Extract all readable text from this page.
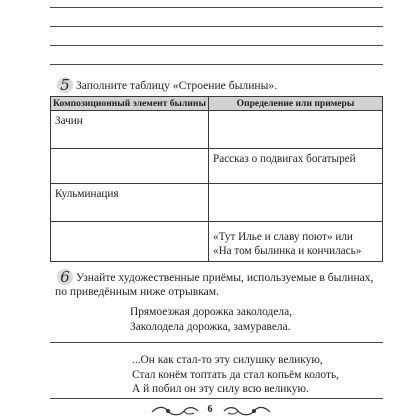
5 Заполните таблицу «Строение былины».
Композиционный элемент былины	Определение или примеры
Зачин	
	Рассказ о подвигах богатырей
Кульминация	

	«Тут Илье и славу поют» или
«На том былинка и кончилась»
6 Узнайте художественные приёмы, используемые в былинах,
по приведённым ниже отрывкам.
Прямоезжая дорожка заколодела,
Заколодела дорожка, замуравела.
...Он как стал-то эту силушку великую,
Стал конём топтать да стал копьём колоть,
А й побил он эту силу всю великую.
6
